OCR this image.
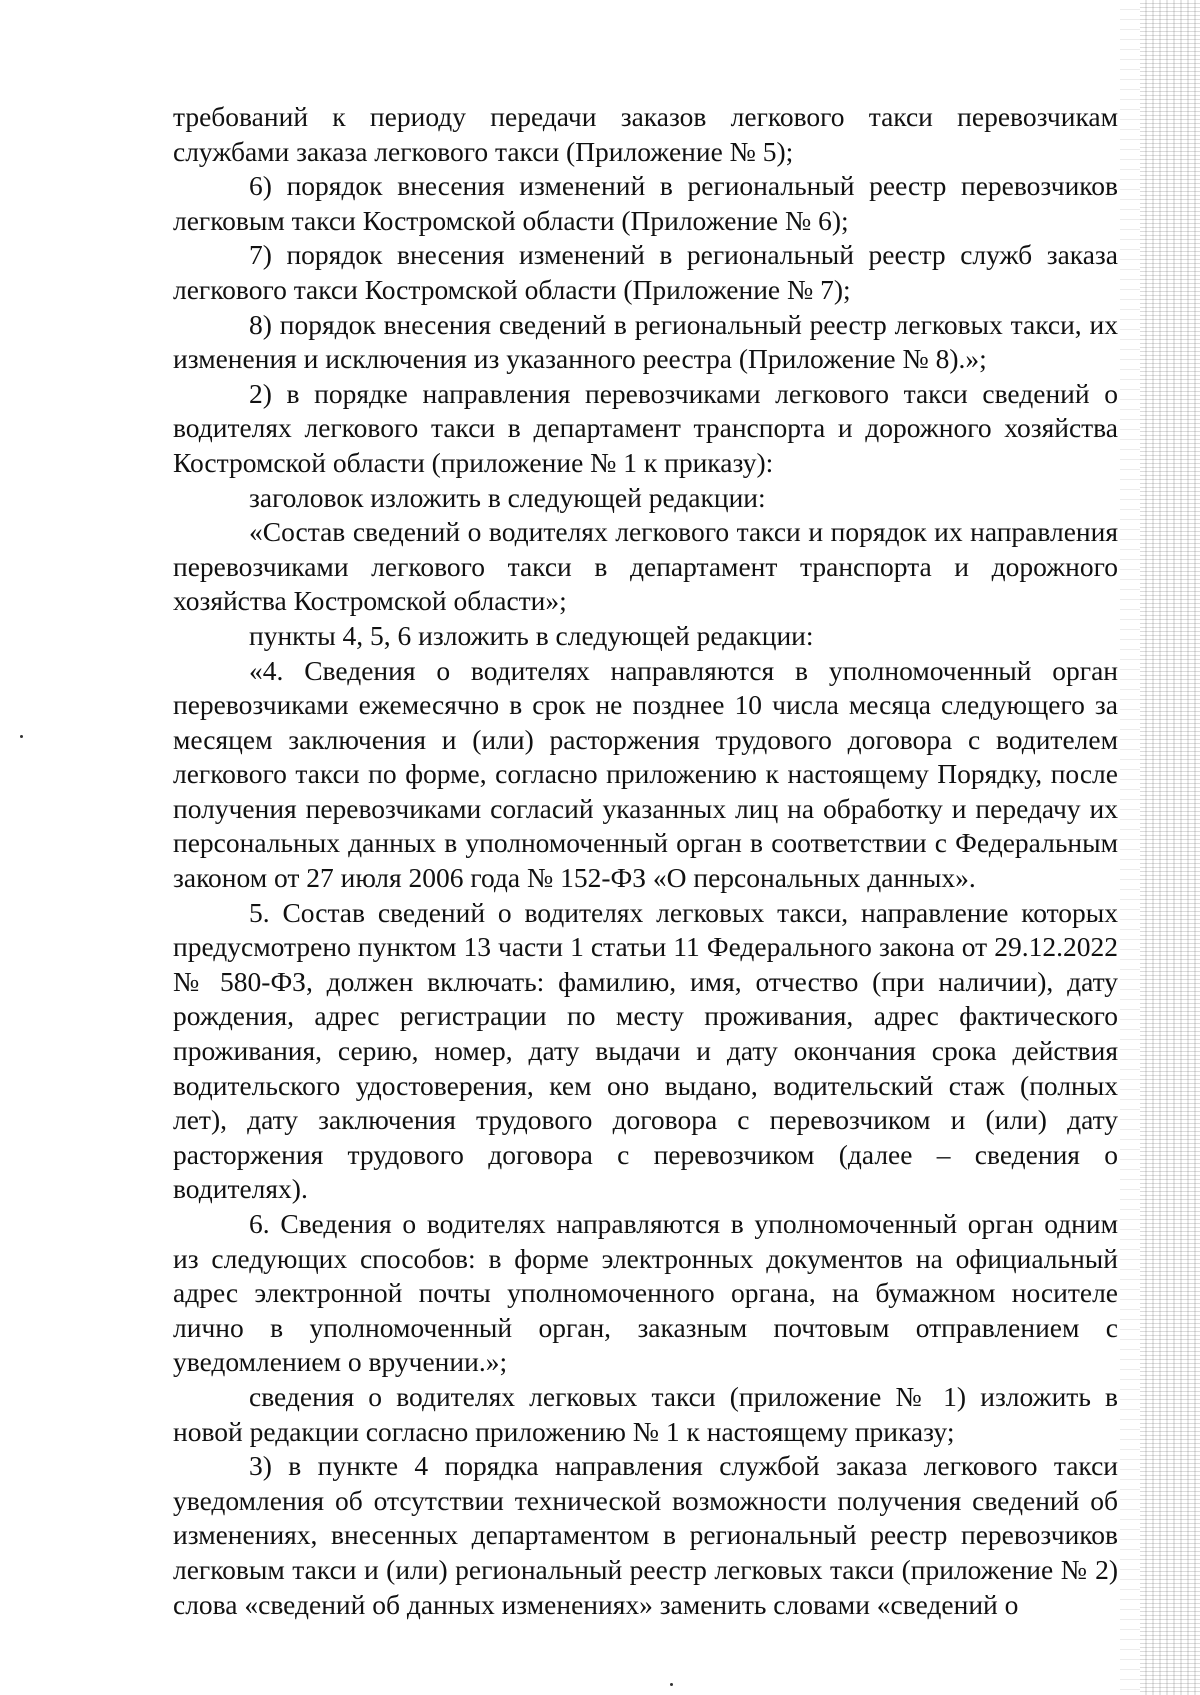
требований к периоду передачи заказов легкового такси перевозчикам службами заказа легкового такси (Приложение № 5);

6) порядок внесения изменений в региональный реестр перевозчиков легковым такси Костромской области (Приложение № 6);

7) порядок внесения изменений в региональный реестр служб заказа легкового такси Костромской области (Приложение № 7);

8) порядок внесения сведений в региональный реестр легковых такси, их изменения и исключения из указанного реестра (Приложение № 8).»;

2) в порядке направления перевозчиками легкового такси сведений о водителях легкового такси в департамент транспорта и дорожного хозяйства Костромской области (приложение № 1 к приказу):

заголовок изложить в следующей редакции:

«Состав сведений о водителях легкового такси и порядок их направления перевозчиками легкового такси в департамент транспорта и дорожного хозяйства Костромской области»;

пункты 4, 5, 6 изложить в следующей редакции:

«4. Сведения о водителях направляются в уполномоченный орган перевозчиками ежемесячно в срок не позднее 10 числа месяца следующего за месяцем заключения и (или) расторжения трудового договора с водителем легкового такси по форме, согласно приложению к настоящему Порядку, после получения перевозчиками согласий указанных лиц на обработку и передачу их персональных данных в уполномоченный орган в соответствии с Федеральным законом от 27 июля 2006 года № 152-ФЗ «О персональных данных».

5. Состав сведений о водителях легковых такси, направление которых предусмотрено пунктом 13 части 1 статьи 11 Федерального закона от 29.12.2022 № 580-ФЗ, должен включать: фамилию, имя, отчество (при наличии), дату рождения, адрес регистрации по месту проживания, адрес фактического проживания, серию, номер, дату выдачи и дату окончания срока действия водительского удостоверения, кем оно выдано, водительский стаж (полных лет), дату заключения трудового договора с перевозчиком и (или) дату расторжения трудового договора с перевозчиком (далее – сведения о водителях).

6. Сведения о водителях направляются в уполномоченный орган одним из следующих способов: в форме электронных документов на официальный адрес электронной почты уполномоченного органа, на бумажном носителе лично в уполномоченный орган, заказным почтовым отправлением с уведомлением о вручении.»;

сведения о водителях легковых такси (приложение № 1) изложить в новой редакции согласно приложению № 1 к настоящему приказу;

3) в пункте 4 порядка направления службой заказа легкового такси уведомления об отсутствии технической возможности получения сведений об изменениях, внесенных департаментом в региональный реестр перевозчиков легковым такси и (или) региональный реестр легковых такси (приложение № 2) слова «сведений об данных изменениях» заменить словами «сведений о
